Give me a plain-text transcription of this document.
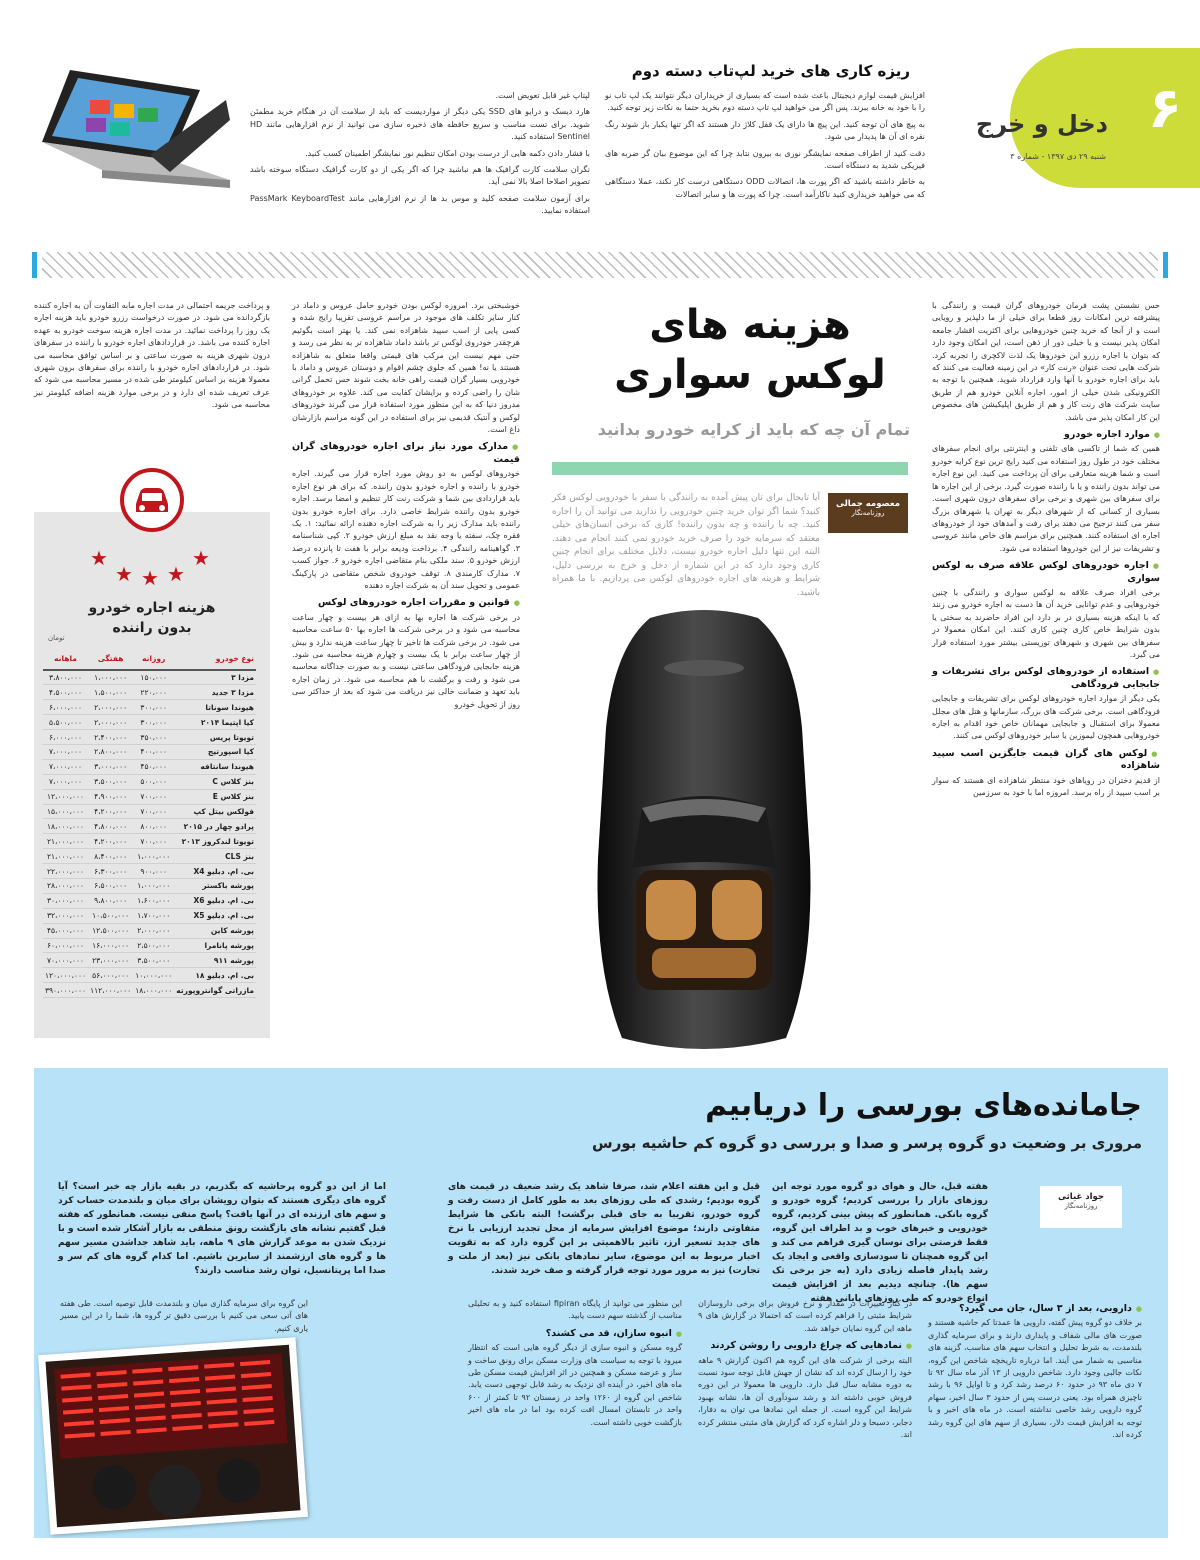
۶
دخل و خرج
شنبه ۲۹ دی ۱۳۹۷ - شماره ۳
ریزه کاری های خرید لپ‌تاب دسته دوم

افزایش قیمت لوازم دیجیتال باعث شده است که بسیاری از خریداران دیگر نتوانند یک لپ تاب نو را با خود به خانه ببرند. پس اگر می خواهید لپ تاپ دسته دوم بخرید حتما به نکات زیر توجه کنید.

به پیچ های آن توجه کنید. این پیچ ها دارای یک قفل کلاژ دار هستند که اگر تنها یکبار باز شوند رنگ نقره ای آن ها پدیدار می شود.

دقت کنید از اطراف صفحه نمایشگر نوری به بیرون نتابد چرا که این موضوع بیان گر ضربه های فیزیکی شدید به دستگاه است.

به خاطر داشته باشید که اگر پورت ها، اتصالات ODD دستگاهی درست کار نکند، عملا دستگاهی که می خواهید خریداری کنید ناکارآمد است. چرا که پورت ها و سایر اتصالات

لپتاپ غیر قابل تعویض است.

هارد دیسک و درایو های SSD یکی دیگر از مواردیست که باید از سلامت آن در هنگام خرید مطمئن شوید. برای تست مناسب و سریع حافظه های ذخیره سازی می توانید از نرم افزارهایی مانند HD Sentinel استفاده کنید.

با فشار دادن دکمه هایی از درست بودن امکان تنظیم نور نمایشگر اطمینان کسب کنید.

نگران سلامت کارت گرافیک ها هم نباشید چرا که اگر یکی از دو کارت گرافیک دستگاه سوخته باشد تصویر اصلاحا اصلا بالا نمی آید.

برای آزمون سلامت صفحه کلید و موس بد ها از نرم افزارهایی مانند PassMark KeyboardTest استفاده نمایید.

هزینه های
لوکس سواری
تمام آن چه که باید از کرایه خودرو بدانید
معصومه جمالی
روزنامه‌نگار
آیا تابحال برای تان پیش آمده به رانندگی با سفر با خودرویی لوکس فکر کنید؟ شما اگر توان خرید چنین خودرویی را ندارید می توانید آن را اجاره کنید. چه با راننده و چه بدون راننده! کاری که برخی انسان‌های خیلی معتقد که سرمایه خود را صرف خرید خودرو نمی کنند انجام می دهند. البته این تنها دلیل اجاره خودرو نیست، دلایل مختلف برای انجام چنین کاری وجود دارد که در این شماره از دخل و خرج به بررسی دلیل، شرایط و هزینه های اجاره خودروهای لوکس می پردازیم. با ما همراه باشید.

حس نشستن پشت فرمان خودروهای گران قیمت و رانندگی با پیشرفته ترین امکانات روز قطعا برای خیلی از ما دلپذیر و رویایی است و از آنجا که خرید چنین خودروهایی برای اکثریت اقشار جامعه امکان پذیر نیست و یا خیلی دور از ذهن است، این امکان وجود دارد که بتوان با اجاره رزرو این خودروها یک لذت لاکچری را تجربه کرد. شرکت هایی تحت عنوان «رنت کار» در این زمینه فعالیت می کنند که باید برای اجاره خودرو با آنها وارد قرارداد شوید. همچنین با توجه به الکترونیکی شدن خیلی از امور، اجاره آنلاین خودرو هم از طریق سایت شرکت های رنت کار و هم از طریق اپلیکیشن های مخصوص این کار امکان پذیر می باشد.

● موارد اجاره خودرو

همین که شما از تاکسی های تلفنی و اینترنتی برای انجام سفرهای مختلف خود در طول روز استفاده می کنید رایج ترین نوع کرایه خودرو است و شما هزینه متعارفی برای آن پرداخت می کنید. این نوع اجاره می تواند بدون راننده و یا با راننده صورت گیرد. برخی از این اجاره ها برای سفرهای بین شهری و برخی برای سفرهای درون شهری است. بسیاری از کسانی که از شهرهای دیگر به تهران یا شهرهای بزرگ سفر می کنند ترجیح می دهند برای رفت و آمدهای خود از خودروهای اجاره ای استفاده کنند. همچنین برای مراسم های خاص مانند عروسی و تشریفات نیز از این خودروها استفاده می شود.

● اجاره خودروهای لوکس علاقه صرف به لوکس سواری

برخی افراد صرف علاقه به لوکس سواری و رانندگی با چنین خودروهایی و عدم توانایی خرید آن ها دست به اجاره خودرو می زنند که با اینکه هزینه بسیاری در بر دارد این افراد حاضرند به سختی یا بدون شرایط خاص کاری چنین کاری کنند. این امکان معمولا در سفرهای بین شهری و شهرهای توریستی بیشتر مورد استفاده قرار می گیرد.

● استفاده از خودروهای لوکس برای تشریفات و جابجایی فرودگاهی

یکی دیگر از موارد اجاره خودروهای لوکس برای تشریفات و جابجایی فرودگاهی است. برخی شرکت های بزرگ، سازمانها و هتل های مجلل معمولا برای استقبال و جابجایی مهمانان خاص خود اقدام به اجاره خودروهایی همچون لیموزین یا سایر خودروهای لوکس می کنند.

● لوکس های گران قیمت جایگزین اسب سپید شاهزاده

از قدیم دختران در رویاهای خود منتظر شاهزاده ای هستند که سوار بر اسب سپید از راه برسد. امروزه اما با خود به سرزمین

خوشبختی برد. امروزه لوکس بودن خودرو حامل عروس و داماد در کنار سایر تکلف های موجود در مراسم عروسی تقریبا رایج شده و کسی پایی از اسب سپید شاهزاده نمی کند. یا بهتر است بگوئیم هرچقدر خودروی لوکس تر باشد داماد شاهزاده تر به نظر می رسد و حتی مهم نیست این مرکب های قیمتی واقعا متعلق به شاهزاده هستند یا نه! همین که جلوی چشم اقوام و دوستان عروس و داماد با خودرویی بسیار گران قیمت راهی خانه بخت شوند حس تحمل گرانی شان را راضی کرده و برایشان کفایت می کند. علاوه بر خودروهای مدروز دنیا که به این منظور مورد استفاده قرار می گیرند خودروهای لوکس و آنتیک قدیمی نیز برای استفاده در این گونه مراسم بازارشان داغ است.

● مدارک مورد نیاز برای اجاره خودروهای گران قیمت

خودروهای لوکس به دو روش مورد اجاره قرار می گیرند. اجاره خودرو با راننده و اجاره خودرو بدون راننده. که برای هر نوع اجاره باید قراردادی بین شما و شرکت رنت کار تنظیم و امضا برسد. اجاره خودرو بدون راننده شرایط خاصی دارد. برای اجاره خودرو بدون راننده باید مدارک زیر را به شرکت اجاره دهنده ارائه نمائید: ۱. یک فقره چک، سفته یا وجه نقد به مبلغ ارزش خودرو ۲. کپی شناسنامه ۳. گواهینامه رانندگی ۴. برداخت ودیعه برابر با هفت تا پانزده درصد ارزش خودرو ۵. سند ملکی بنام متقاضی اجاره خودرو ۶. جواز کسب ۷. مدارک کارمندی ۸. توقف خودروی شخص متقاضی در پارکینگ عمومی و تحویل سند آن به شرکت اجاره دهنده

● قوانین و مقررات اجاره خودروهای لوکس

در برخی شرکت ها اجاره بها به ازای هر بیست و چهار ساعت محاسبه می شود و در برخی شرکت ها اجاره بها ۵۰ ساعت محاسبه می شود. در برخی شرکت ها تاخیر تا چهار ساعت هزینه ندارد و بیش از چهار ساعت برابر با یک بیست و چهارم هزینه محاسبه می شود. هزینه جابجایی فرودگاهی ساعتی نیست و به صورت جداگانه محاسبه می شود و رفت و برگشت با هم محاسبه می شود. در زمان اجاره باید تعهد و ضمانت خالی نیز دریافت می شود که بعد از حداکثر سی روز از تحویل خودرو

و پرداخت جریمه احتمالی در مدت اجاره مابه التفاوت آن به اجاره کننده بازگردانده می شود. در صورت درخواست رزرو خودرو باید هزینه اجاره یک روز را پرداخت نمائید. در مدت اجاره هزینه سوخت خودرو به عهده اجاره کننده می باشد. در قراردادهای اجاره خودرو با راننده در سفرهای درون شهری هزینه به صورت ساعتی و بر اساس توافق محاسبه می شود. در قراردادهای اجاره خودرو با راننده برای سفرهای برون شهری معمولا هزینه بر اساس کیلومتر طی شده در مسیر محاسبه می شود که عرف تعریف شده ای دارد و در برخی موارد هزینه اضافه کیلومتر نیز محاسبه می شود.
★
★ ★ ★
★
هزینه اجاره خودرو
بدون راننده
تومان
نوع خودرو	روزانه	هفتگی	ماهانه
مزدا ۳	۱۵۰،۰۰۰	۱،۰۰۰،۰۰۰	۳،۸۰۰،۰۰۰
مزدا ۳ جدید	۲۲۰،۰۰۰	۱،۵۰۰،۰۰۰	۴،۵۰۰،۰۰۰
هیوندا سوناتا	۳۰۰،۰۰۰	۲،۰۰۰،۰۰۰	۶،۰۰۰،۰۰۰
کیا اپتیما ۲۰۱۴	۳۰۰،۰۰۰	۲،۰۰۰،۰۰۰	۵،۵۰۰،۰۰۰
تویوتا پریس	۳۵۰،۰۰۰	۲،۴۰۰،۰۰۰	۶،۰۰۰،۰۰۰
کیا اسپورتیج	۴۰۰،۰۰۰	۲،۸۰۰،۰۰۰	۷،۰۰۰،۰۰۰
هیوندا سانتافه	۴۵۰،۰۰۰	۳،۰۰۰،۰۰۰	۷،۰۰۰،۰۰۰
بنز کلاس C	۵۰۰،۰۰۰	۳،۵۰۰،۰۰۰	۷،۰۰۰،۰۰۰
بنز کلاس E	۷۰۰،۰۰۰	۴،۹۰۰،۰۰۰	۱۲،۰۰۰،۰۰۰
فولکس بیتل کپ	۷۰۰،۰۰۰	۴،۲۰۰،۰۰۰	۱۵،۰۰۰،۰۰۰
پرادو چهار در ۲۰۱۵	۸۰۰،۰۰۰	۴،۸۰۰،۰۰۰	۱۸،۰۰۰،۰۰۰
تویوتا لندکروز ۲۰۱۳	۷۰۰،۰۰۰	۴،۲۰۰،۰۰۰	۲۱،۰۰۰،۰۰۰
بنز CLS	۱،۰۰۰،۰۰۰	۸،۴۰۰،۰۰۰	۲۱،۰۰۰،۰۰۰
بی. ام. دبلیو X4	۹۰۰،۰۰۰	۶،۳۰۰،۰۰۰	۲۲،۰۰۰،۰۰۰
پورشه باکستر	۱،۰۰۰،۰۰۰	۶،۵۰۰،۰۰۰	۲۸،۰۰۰،۰۰۰
بی. ام. دبلیو X6	۱،۶۰۰،۰۰۰	۹،۸۰۰،۰۰۰	۳۰،۰۰۰،۰۰۰
بی. ام. دبلیو X5	۱،۷۰۰،۰۰۰	۱۰،۵۰۰،۰۰۰	۳۲،۰۰۰،۰۰۰
پورشه کاین	۲،۰۰۰،۰۰۰	۱۲،۵۰۰،۰۰۰	۴۵،۰۰۰،۰۰۰
پورشه پانامرا	۲،۵۰۰،۰۰۰	۱۶،۰۰۰،۰۰۰	۶۰،۰۰۰،۰۰۰
پورشه ۹۱۱	۳،۵۰۰،۰۰۰	۲۳،۰۰۰،۰۰۰	۷۰،۰۰۰،۰۰۰
بی. ام. دبلیو ۱۸	۱۰،۰۰۰،۰۰۰	۵۶،۰۰۰،۰۰۰	۱۲۰،۰۰۰،۰۰۰
مازراتی گوانتروپورته	۱۸،۰۰۰،۰۰۰	۱۱۲،۰۰۰،۰۰۰	۳۹۰،۰۰۰،۰۰۰
جامانده‌های بورسی را دریابیم
مروری بر وضعیت دو گروه پرسر و صدا و بررسی دو گروه کم حاشیه بورس
جواد غیاثی
روزنامه‌نگار
هفته قبل، حال و هوای دو گروه مورد توجه این روزهای بازار را بررسی کردیم؛ گروه خودرو و گروه بانکی. همانطور که پیش بینی کردیم، گروه خودرویی و خبرهای خوب و بد اطراف این گروه، فقط فرصتی برای نوسان گیری فراهم می کند و این گروه همچنان تا سودسازی واقعی و ایجاد یک رشد پایدار فاصله زیادی دارد (به جز برخی تک سهم ها). چنانچه دیدیم بعد از افزایش قیمت انواع خودرو که طی روزهای پایانی هفته
قبل و این هفته اعلام شد، صرفا شاهد یک رشد ضعیف در قیمت های گروه بودیم؛ رشدی که طی روزهای بعد به طور کامل از دست رفت و گروه خودرو، تقریبا به جای قبلی برگشت! البته بانکی ها شرایط متفاوتی دارند؛ موضوع افزایش سرمایه از محل تجدید ارزیابی با نرخ های جدید تسعیر ارز، تاثیر بالاهمیتی بر این گروه دارد که به تقویت اخبار مربوط به این موضوع، سایر نمادهای بانکی نیز (بعد از ملت و تجارت) نیز به مرور مورد توجه قرار گرفته و صف خرید شدند.
اما از این دو گروه پرحاشیه که بگذریم، در بقیه بازار چه خبر است؟ آیا گروه های دیگری هستند که بتوان رویشان برای میان و بلندمدت حساب کرد و سهم های ارزنده ای در آنها یافت؟ پاسخ منفی نیست. همانطور که هفته قبل گفتیم نشانه های بازگشت رونق منطقی به بازار آشکار شده است و با نزدیک شدن به موعد گزارش های ۹ ماهه، باید شاهد جداشدن مسیر سهم ها و گروه های ارزشمند از سایرین باشیم. اما کدام گروه های کم سر و صدا اما پرپتانسیل، توان رشد مناسب دارند؟
● داروبی، بعد از ۳ سال، جان می گیرد؟

بر خلاف دو گروه پیش گفته، دارویی ها عمدتا کم حاشیه هستند و صورت های مالی شفاف و پایداری دارند و برای سرمایه گذاری بلندمدت، به شرط تحلیل و انتخاب سهم های مناسب، گزینه های مناسبی به شمار می آیند. اما درباره تاریخچه شاخص این گروه، نکات جالبی وجود دارد. شاخص دارویی از ۱۳ آذر ماه سال ۹۲ تا ۷ دی ماه ۹۳ در حدود ۶۰ درصد رشد کرد و تا اوایل ۹۶ با رشد ناچیزی همراه بود. یعنی درست پس از حدود ۳ سال اخیر، سهام گروه دارویی رشد خاصی نداشته است. در ماه های اخیر و با توجه به افزایش قیمت دلار، بسیاری از سهم های این گروه رشد کرده اند.

در کنار تغییرات در مقدار و نرخ فروش برای برخی داروسازان شرایط مثبتی را فراهم کرده است که احتمالا در گزارش های ۹ ماهه این گروه نمایان خواهد شد.

● نمادهایی که چراغ دارویی را روشن کردند

البته برخی از شرکت های این گروه هم اکنون گزارش ۹ ماهه خود را ارسال کرده اند که نشان از جهش قابل توجه سود نسبت به دوره مشابه سال قبل دارد. دارویی ها معمولا در این دوره فروش خوبی داشته اند و رشد سودآوری آن ها، نشانه بهبود شرایط این گروه است. از جمله این نمادها می توان به دفارا، دجابر، دسبحا و دلر اشاره کرد که گزارش های مثبتی منتشر کرده اند.

این منظور می توانید از پایگاه fipiran استفاده کنید و به تحلیلی مناسب از گذشته سهم دست یابید.

● انبوه سازان، قد می کشند؟

گروه مسکن و انبوه سازی از دیگر گروه هایی است که انتظار میرود با توجه به سیاست های وزارت مسکن برای رونق ساخت و ساز و عرضه مسکن و همچنین در اثر افزایش قیمت مسکن طی ماه های اخیر، در آینده ای نزدیک به رشد قابل توجهی دست یابد. شاخص این گروه از ۱۲۶۰ واحد در زمستان ۹۲ تا کمتر از ۶۰۰ واحد در تابستان امسال افت کرده بود اما در ماه های اخیر بازگشت خوبی داشته است.

این گروه برای سرمایه گذاری میان و بلندمدت قابل توصیه است. طی هفته های آتی سعی می کنیم با بررسی دقیق تر گروه ها، شما را در این مسیر یاری کنیم.
